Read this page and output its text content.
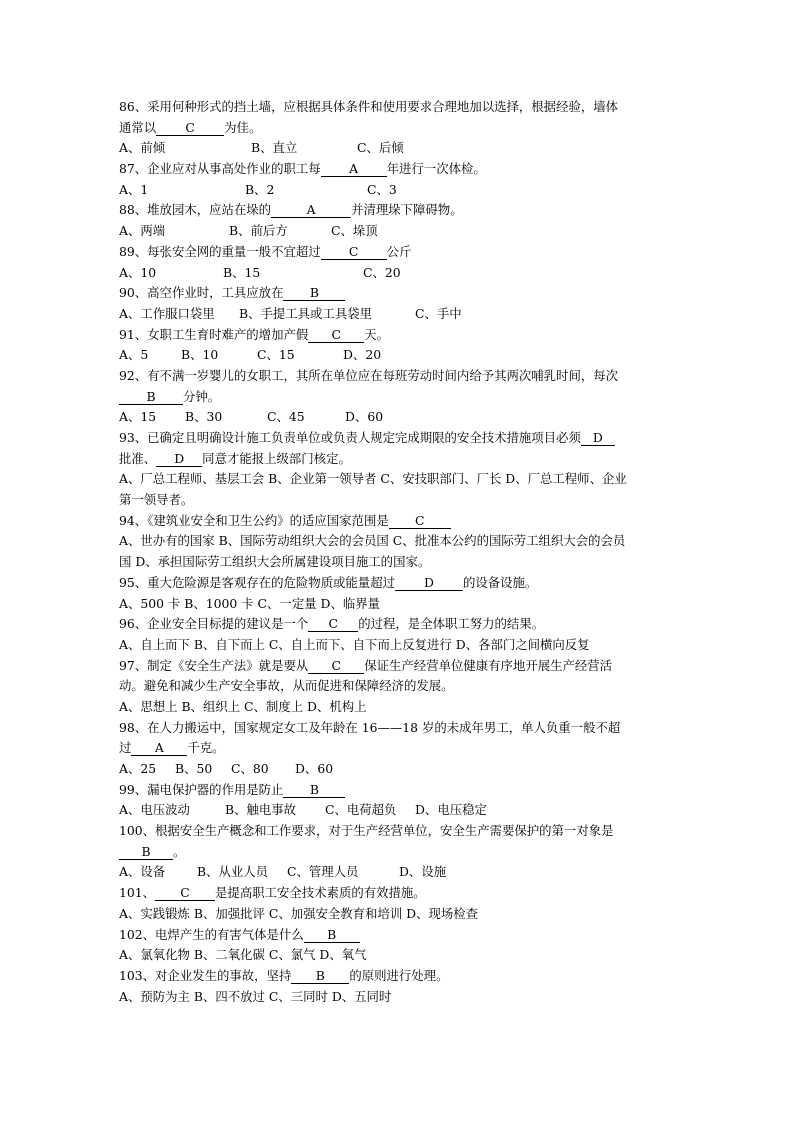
86、采用何种形式的挡土墙，应根据具体条件和使用要求合理地加以选择，根据经验，墙体
通常以 C 为佳。
A、前倾	B、直立	C、后倾
87、企业应对从事高处作业的职工每 A 年进行一次体检。
A、1	B、2	C、3
88、堆放园木，应站在垛的	A	并清理垛下障碍物。
A、两端	B、前后方	C、垛顶
89、每张安全网的重量一般不宜超过 C 公斤
A、10	B、15	C、20
90、高空作业时，工具应放在 B
A、工作服口袋里 B、手提工具或工具袋里	C、手中
91、女职工生育时难产的增加产假 C 天。
A、5	B、10	C、15	D、20
92、有不满一岁婴儿的女职工，其所在单位应在每班劳动时间内给予其两次哺乳时间，每次
B 分钟。
A、15 B、30	C、45	D、60
93、已确定且明确设计施工负责单位或负责人规定完成期限的安全技术措施项目必须 D
批准、 D 同意才能报上级部门核定。
A、厂总工程师、基层工会 B、企业第一领导者 C、安技职部门、厂长 D、厂总工程师、企业
第一领导者。
94、《建筑业安全和卫生公约》的适应国家范围是 C
A、世办有的国家 B、国际劳动组织大会的会员国 C、批准本公约的国际劳工组织大会的会员
国 D、承担国际劳工组织大会所属建设项目施工的国家。
95、重大危险源是客观存在的危险物质或能量超过 D 的设备设施。
A、500 卡 B、1000 卡 C、一定量 D、临界量
96、企业安全目标提的建议是一个 C 的过程，是全体职工努力的结果。
A、自上而下 B、自下而上 C、自上而下、自下而上反复进行 D、各部门之间横向反复
97、制定《安全生产法》就是要从 C 保证生产经营单位健康有序地开展生产经营活
动。避免和减少生产安全事故，从而促进和保障经济的发展。
A、思想上 B、组织上 C、制度上 D、机构上
98、在人力搬运中，国家规定女工及年龄在 16——18 岁的未成年男工，单人负重一般不超
过 A 千克。
A、25 B、50 C、80 D、60
99、漏电保护器的作用是防止 B
A、电压波动	B、触电事故 C、电荷超负 D、电压稳定
100、根据安全生产概念和工作要求，对于生产经营单位，安全生产需要保护的第一对象是
B 。
A、设备	B、从业人员 C、管理人员	D、设施
101、 C 是提高职工安全技术素质的有效措施。
A、实践锻炼 B、加强批评 C、加强安全教育和培训 D、现场检查
102、电焊产生的有害气体是什么 B
A、氯氧化物 B、二氧化碳 C、氯气 D、氧气
103、对企业发生的事故，坚持 B 的原则进行处理。
A、预防为主 B、四不放过 C、三同时 D、五同时
